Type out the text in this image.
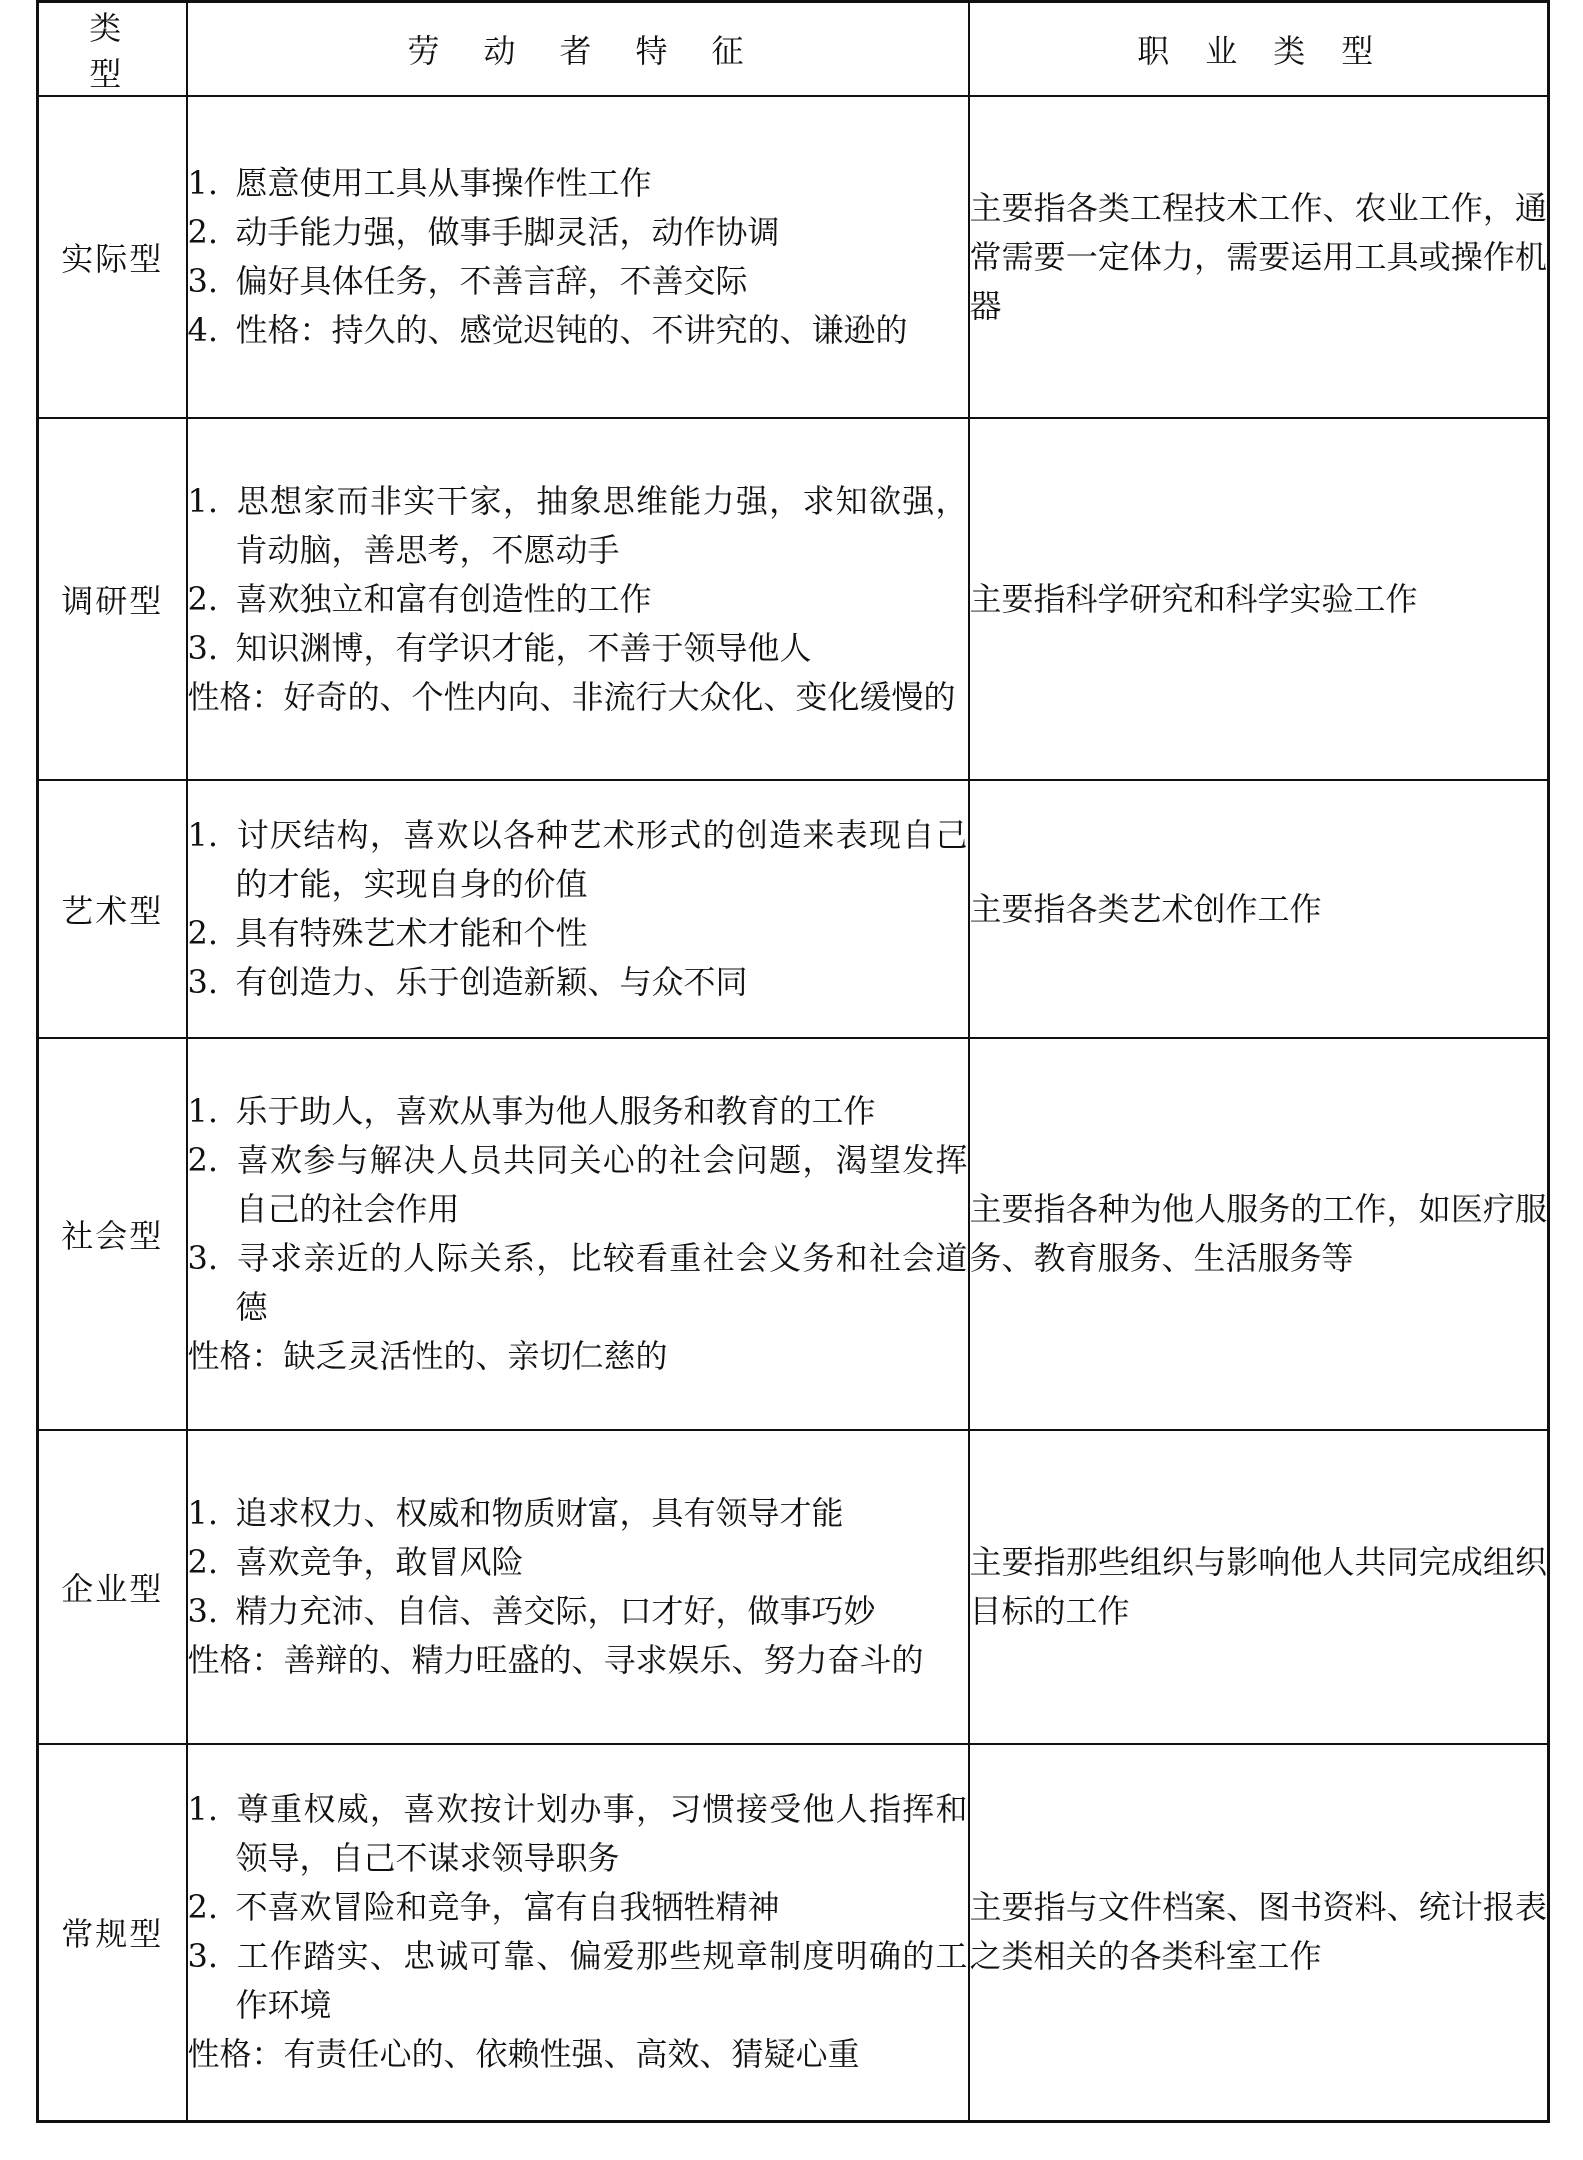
类型	劳动者特征	职业类型
实际型	1. 愿意使用工具从事操作性工作
2. 动手能力强，做事手脚灵活，动作协调
3. 偏好具体任务，不善言辞，不善交际
4. 性格：持久的、感觉迟钝的、不讲究的、谦逊的	主要指各类工程技术工作、农业工作，通常需要一定体力，需要运用工具或操作机器

调研型	1. 思想家而非实干家，抽象思维能力强，求知欲强，肯动脑，善思考，不愿动手
2. 喜欢独立和富有创造性的工作
3. 知识渊博，有学识才能，不善于领导他人
性格：好奇的、个性内向、非流行大众化、变化缓慢的	主要指科学研究和科学实验工作

艺术型	1. 讨厌结构，喜欢以各种艺术形式的创造来表现自己的才能，实现自身的价值
2. 具有特殊艺术才能和个性
3. 有创造力、乐于创造新颖、与众不同	主要指各类艺术创作工作

社会型	1. 乐于助人，喜欢从事为他人服务和教育的工作
2. 喜欢参与解决人员共同关心的社会问题，渴望发挥自己的社会作用
3. 寻求亲近的人际关系，比较看重社会义务和社会道德
性格：缺乏灵活性的、亲切仁慈的	主要指各种为他人服务的工作，如医疗服务、教育服务、生活服务等

企业型	1. 追求权力、权威和物质财富，具有领导才能
2. 喜欢竞争，敢冒风险
3. 精力充沛、自信、善交际，口才好，做事巧妙
性格：善辩的、精力旺盛的、寻求娱乐、努力奋斗的	主要指那些组织与影响他人共同完成组织目标的工作

常规型	1. 尊重权威，喜欢按计划办事，习惯接受他人指挥和领导，自己不谋求领导职务
2. 不喜欢冒险和竞争，富有自我牺牲精神
3. 工作踏实、忠诚可靠、偏爱那些规章制度明确的工作环境
性格：有责任心的、依赖性强、高效、猜疑心重	主要指与文件档案、图书资料、统计报表之类相关的各类科室工作
